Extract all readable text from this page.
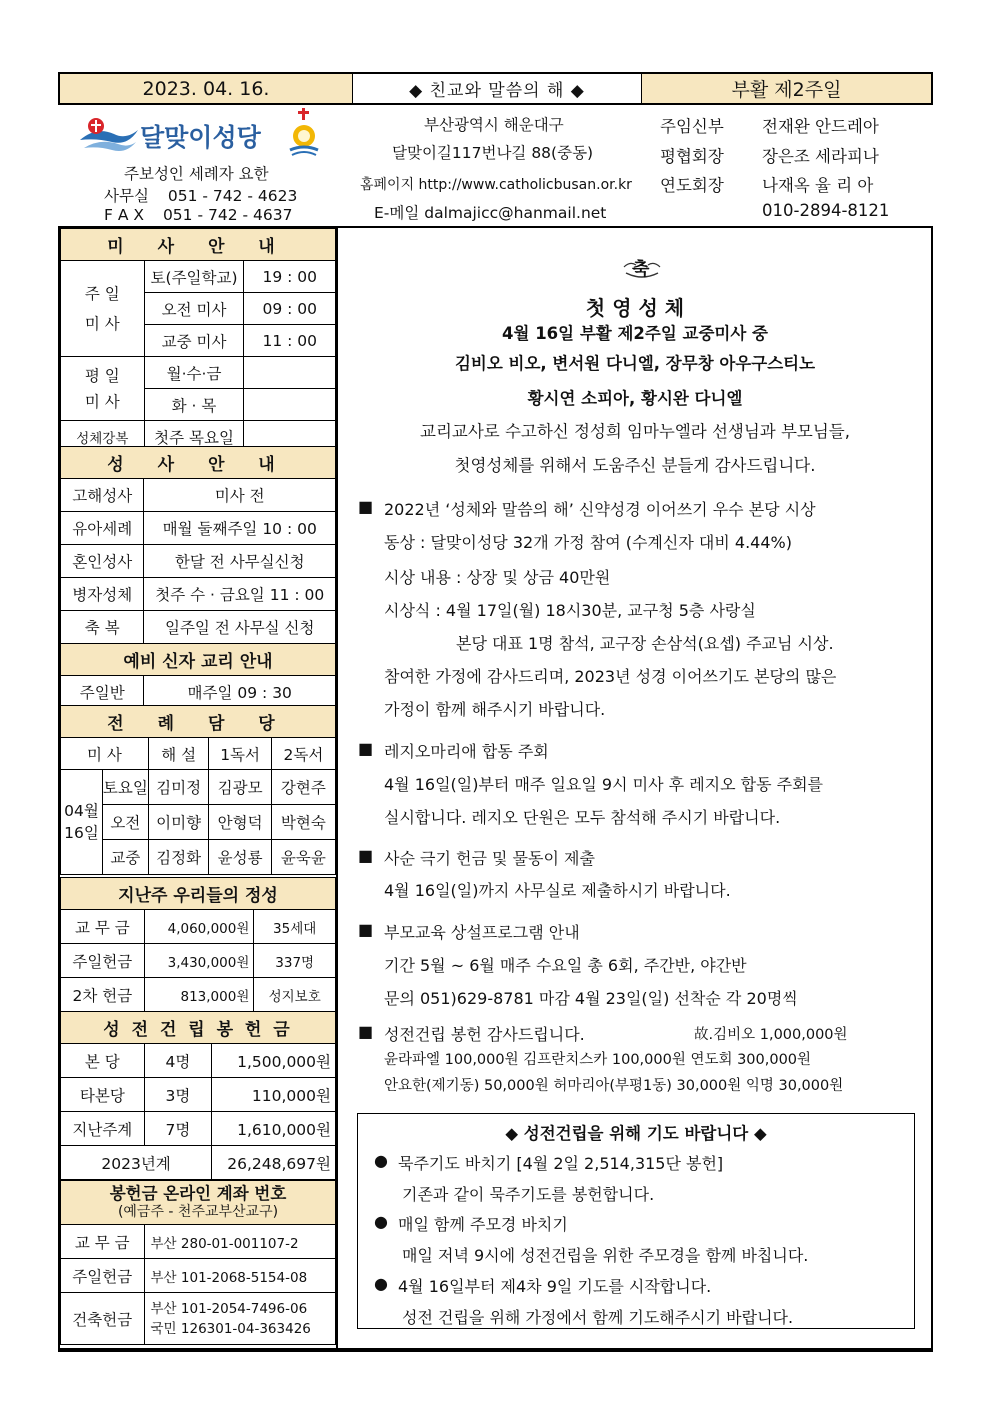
2023. 04. 16.	◆ 친교와 말씀의 해 ◆	부활 제2주일
달맞이성당
주보성인 세례자 요한
사무실 051 - 742 - 4623
F A X 051 - 742 - 4637
부산광역시 해운대구
달맞이길117번나길 88(중동)
홈페이지 http://www.catholicbusan.or.kr
E-메일 dalmajicc@hanmail.net
주임신부 전재완 안드레아
평협회장 장은조 세라피나
연도회장 나재옥 율 리 아
010-2894-8121
미 사 안 내		
주 일
미 사	토(주일학교)	19 : 00
	오전 미사	09 : 00
	교중 미사	11 : 00
평 일
미 사	월·수·금	
	화 · 목	
성체강복	첫주 목요일	
성 사 안 내	
고해성사	미사 전
유아세례	매월 둘째주일 10 : 00
혼인성사	한달 전 사무실신청
병자성체	첫주 수 · 금요일 11 : 00
축 복	일주일 전 사무실 신청
예비 신자 교리 안내	
주일반	매주일 09 : 30
전 례 담 당				
미 사		해 설	1독서	2독서
04월
16일	토요일	김미정	김광모	강현주
	오전	이미향	안형덕	박현숙
	교중	김정화	윤성룡	윤욱윤
지난주 우리들의 정성		
교 무 금	4,060,000원	35세대
주일헌금	3,430,000원	337명
2차 헌금	813,000원	성지보호
성 전 건 립 봉 헌 금		
본 당	4명	1,500,000원
타본당	3명	110,000원
지난주계	7명	1,610,000원
2023년계		26,248,697원
봉헌금 온라인 계좌 번호
(예금주 - 천주교부산교구)	

교 무 금	부산 280-01-001107-2
주일헌금	부산 101-2068-5154-08
건축헌금	부산 101-2054-7496-06
국민 126301-04-363426
축
첫 영 성 체
4월 16일 부활 제2주일 교중미사 중
김비오 비오, 변서원 다니엘, 장무창 아우구스티노
황시연 소피아, 황시완 다니엘
교리교사로 수고하신 정성희 임마누엘라 선생님과 부모님들,
첫영성체를 위해서 도움주신 분들게 감사드립니다.
■ 2022년 ‘성체와 말씀의 해’ 신약성경 이어쓰기 우수 본당 시상
동상 : 달맞이성당 32개 가정 참여 (수계신자 대비 4.44%)
시상 내용 : 상장 및 상금 40만원
시상식 : 4월 17일(월) 18시30분, 교구청 5층 사랑실
본당 대표 1명 참석, 교구장 손삼석(요셉) 주교님 시상.
참여한 가정에 감사드리며, 2023년 성경 이어쓰기도 본당의 많은
가정이 함께 해주시기 바랍니다.
■ 레지오마리애 합동 주회
4월 16일(일)부터 매주 일요일 9시 미사 후 레지오 합동 주회를
실시합니다. 레지오 단원은 모두 참석해 주시기 바랍니다.
■ 사순 극기 헌금 및 물동이 제출
4월 16일(일)까지 사무실로 제출하시기 바랍니다.
■ 부모교육 상설프로그램 안내
기간 5월 ~ 6월 매주 수요일 총 6회, 주간반, 야간반
문의 051)629-8781 마감 4월 23일(일) 선착순 각 20명씩
■ 성전건립 봉헌 감사드립니다.	故.김비오 1,000,000원
윤라파엘 100,000원 김프란치스카 100,000원 연도회 300,000원
안요한(제기동) 50,000원 허마리아(부평1동) 30,000원 익명 30,000원
◆ 성전건립을 위해 기도 바랍니다 ◆
● 묵주기도 바치기 [4월 2일 2,514,315단 봉헌]
기존과 같이 묵주기도를 봉헌합니다.
● 매일 함께 주모경 바치기
매일 저녁 9시에 성전건립을 위한 주모경을 함께 바칩니다.
● 4월 16일부터 제4차 9일 기도를 시작합니다.
성전 건립을 위해 가정에서 함께 기도해주시기 바랍니다.
